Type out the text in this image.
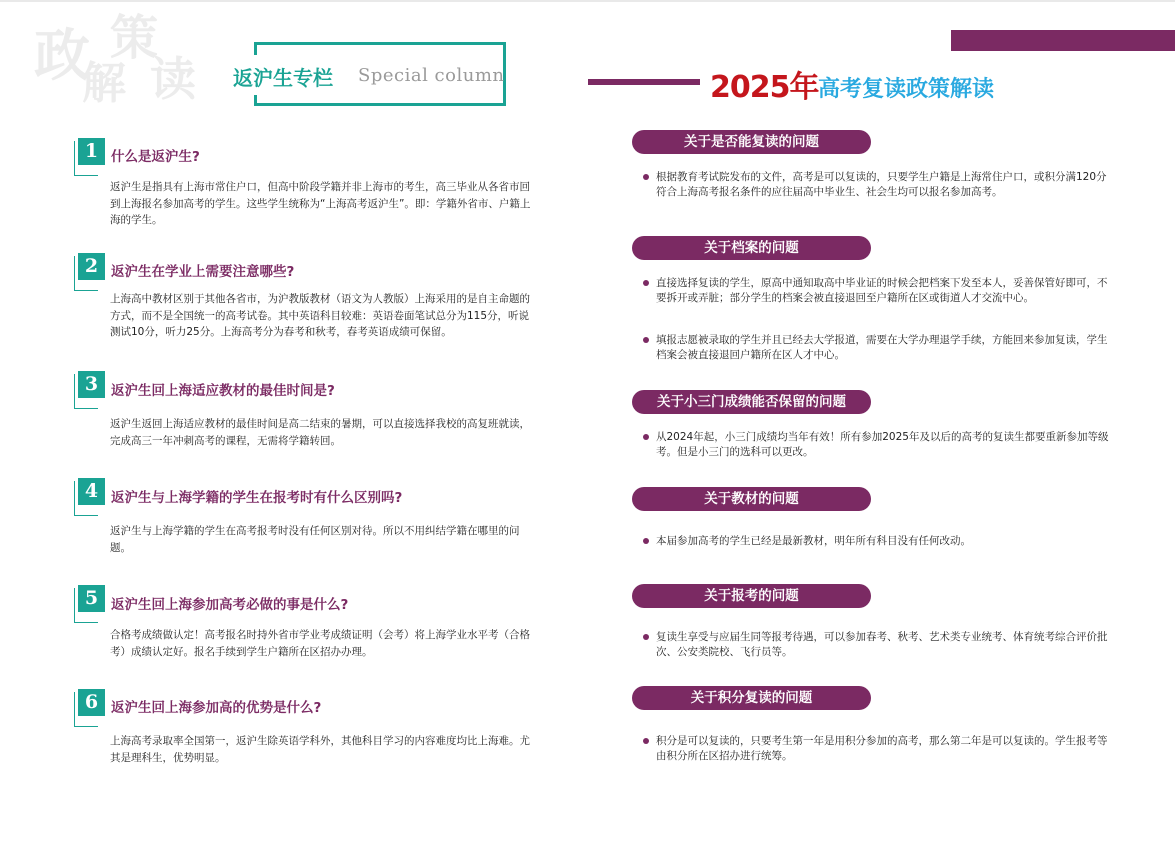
政 策
解 读 返沪生专栏 Special column	2025年 高考复读政策解读
1 什么是返沪生?
返沪生是指具有上海市常住户口，但高中阶段学籍并非上海市的考生，高三毕业从各省市回到上海报名参加高考的学生。这些学生统称为“上海高考返沪生”。即：学籍外省市、户籍上海的学生。
2 返沪生在学业上需要注意哪些?
上海高中教材区别于其他各省市，为沪教版教材（语文为人教版）上海采用的是自主命题的方式，而不是全国统一的高考试卷。其中英语科目较难：英语卷面笔试总分为115分，听说测试10分，听力25分。上海高考分为春考和秋考，春考英语成绩可保留。
3 返沪生回上海适应教材的最佳时间是?
返沪生返回上海适应教材的最佳时间是高二结束的暑期，可以直接选择我校的高复班就读，完成高三一年冲刺高考的课程，无需将学籍转回。
4 返沪生与上海学籍的学生在报考时有什么区别吗?
返沪生与上海学籍的学生在高考报考时没有任何区别对待。所以不用纠结学籍在哪里的问题。
5 返沪生回上海参加高考必做的事是什么?
合格考成绩做认定！高考报名时持外省市学业考成绩证明（会考）将上海学业水平考（合格考）成绩认定好。报名手续到学生户籍所在区招办办理。
6 返沪生回上海参加高的优势是什么?
上海高考录取率全国第一，返沪生除英语学科外，其他科目学习的内容难度均比上海难。尤其是理科生，优势明显。
关于是否能复读的问题
根据教育考试院发布的文件，高考是可以复读的，只要学生户籍是上海常住户口，或积分满120分符合上海高考报名条件的应往届高中毕业生、社会生均可以报名参加高考。
关于档案的问题
直接选择复读的学生，原高中通知取高中毕业证的时候会把档案下发至本人，妥善保管好即可，不要拆开或弄脏；部分学生的档案会被直接退回至户籍所在区或街道人才交流中心。
填报志愿被录取的学生并且已经去大学报道，需要在大学办理退学手续，方能回来参加复读，学生档案会被直接退回户籍所在区人才中心。
关于小三门成绩能否保留的问题
从2024年起，小三门成绩均当年有效！所有参加2025年及以后的高考的复读生都要重新参加等级考。但是小三门的选科可以更改。
关于教材的问题
本届参加高考的学生已经是最新教材，明年所有科目没有任何改动。
关于报考的问题
复读生享受与应届生同等报考待遇，可以参加春考、秋考、艺术类专业统考、体育统考综合评价批次、公安类院校、飞行员等。
关于积分复读的问题
积分是可以复读的，只要考生第一年是用积分参加的高考，那么第二年是可以复读的。学生报考等由积分所在区招办进行统筹。
